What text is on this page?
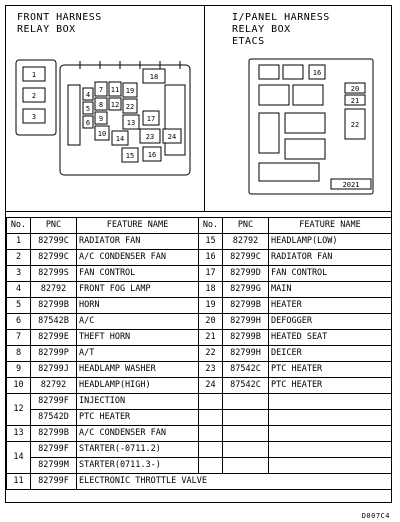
FRONT HARNESS
RELAY BOX
1
2
3
4
5
6
7
8
9
10
11
12
13
14
15 16
17
18
19
22
23 24
I/PANEL HARNESS
RELAY BOX
ETACS
16
20
21
22
2021
No.	PNC	FEATURE NAME	No.	PNC	FEATURE NAME
1	82799C	RADIATOR FAN	15	82792	HEADLAMP(LOW)
2	82799C	A/C CONDENSER FAN	16	82799C	RADIATOR FAN
3	82799S	FAN CONTROL	17	82799D	FAN CONTROL
4	82792	FRONT FOG LAMP	18	82799G	MAIN
5	82799B	HORN	19	82799B	HEATER
6	87542B	A/C	20	82799H	DEFOGGER
7	82799E	THEFT HORN	21	82799B	HEATED SEAT
8	82799P	A/T	22	82799H	DEICER
9	82799J	HEADLAMP WASHER	23	87542C	PTC HEATER
10	82792	HEADLAMP(HIGH)	24	87542C	PTC HEATER
12	82799F	INJECTION			
	87542D	PTC HEATER			
13	82799B	A/C CONDENSER FAN			
14	82799F	STARTER(-0711.2)			
	82799M	STARTER(0711.3-)			
11	82799F	ELECTRONIC THROTTLE VALVE			
D007C4
